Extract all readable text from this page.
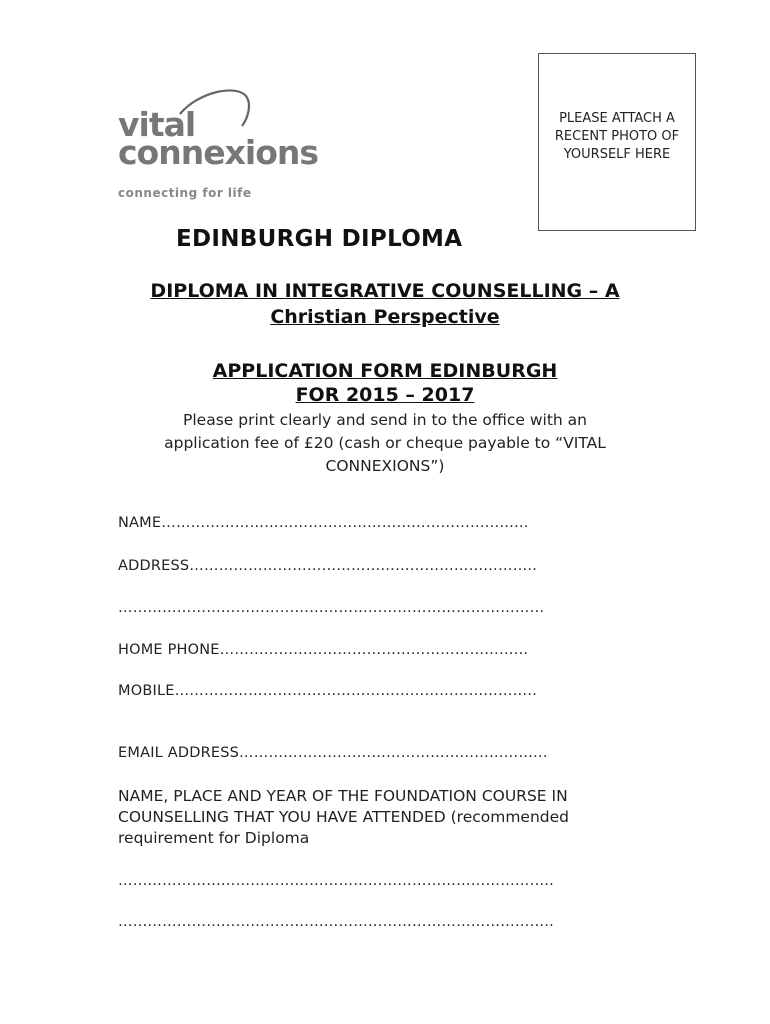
vital
connexions
connecting for life
PLEASE ATTACH A
RECENT PHOTO OF
YOURSELF HERE
EDINBURGH DIPLOMA
DIPLOMA IN INTEGRATIVE COUNSELLING – A
Christian Perspective
APPLICATION FORM EDINBURGH
FOR 2015 – 2017
Please print clearly and send in to the office with an
application fee of £20 (cash or cheque payable to “VITAL
CONNEXIONS”)
NAME…………………………………………………………………
ADDRESS……………………………………………………………..
……………………………………………………………………………
HOME PHONE………………………………………………………
MOBILE………………………………………………………………..
EMAIL ADDRESS………………………………………………………
NAME, PLACE AND YEAR OF THE FOUNDATION COURSE IN
COUNSELLING THAT YOU HAVE ATTENDED (recommended
requirement for Diploma
……………………………………………………………………………..
……………………………………………………………………………..
